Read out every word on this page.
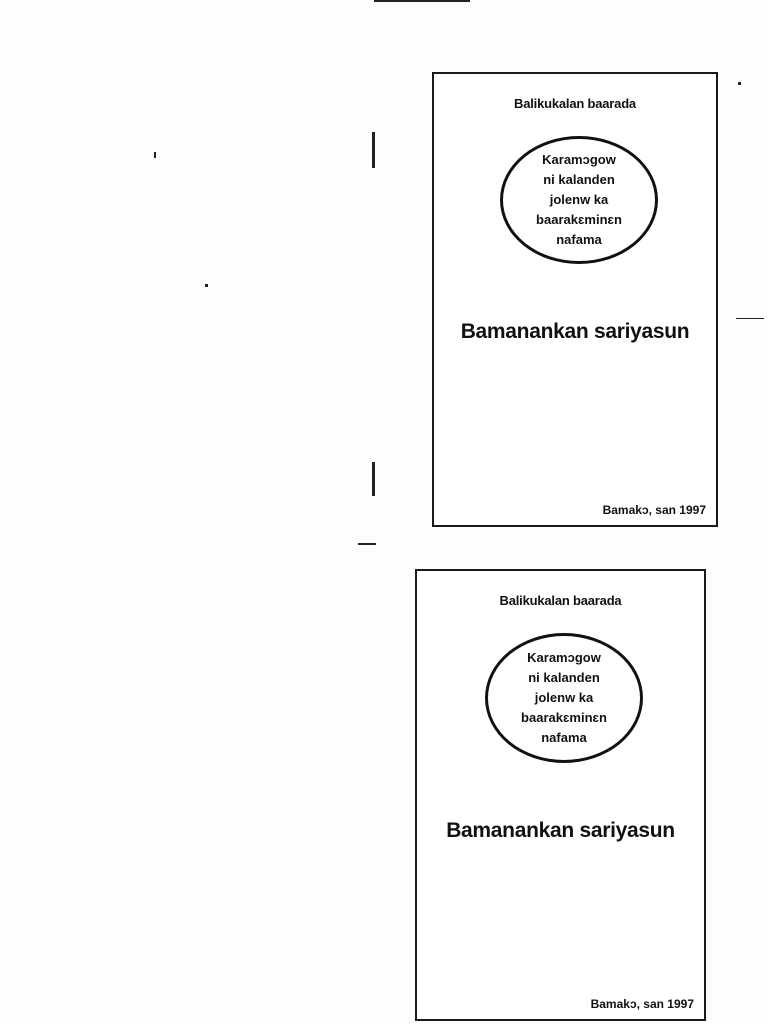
Balikukalan baarada
Karamɔgow
ni kalanden
jolenw ka
baarakɛminɛn
nafama
Bamanankan sariyasun
Bamakɔ, san 1997
Balikukalan baarada
Karamɔgow
ni kalanden
jolenw ka
baarakɛminɛn
nafama
Bamanankan sariyasun
Bamakɔ, san 1997
